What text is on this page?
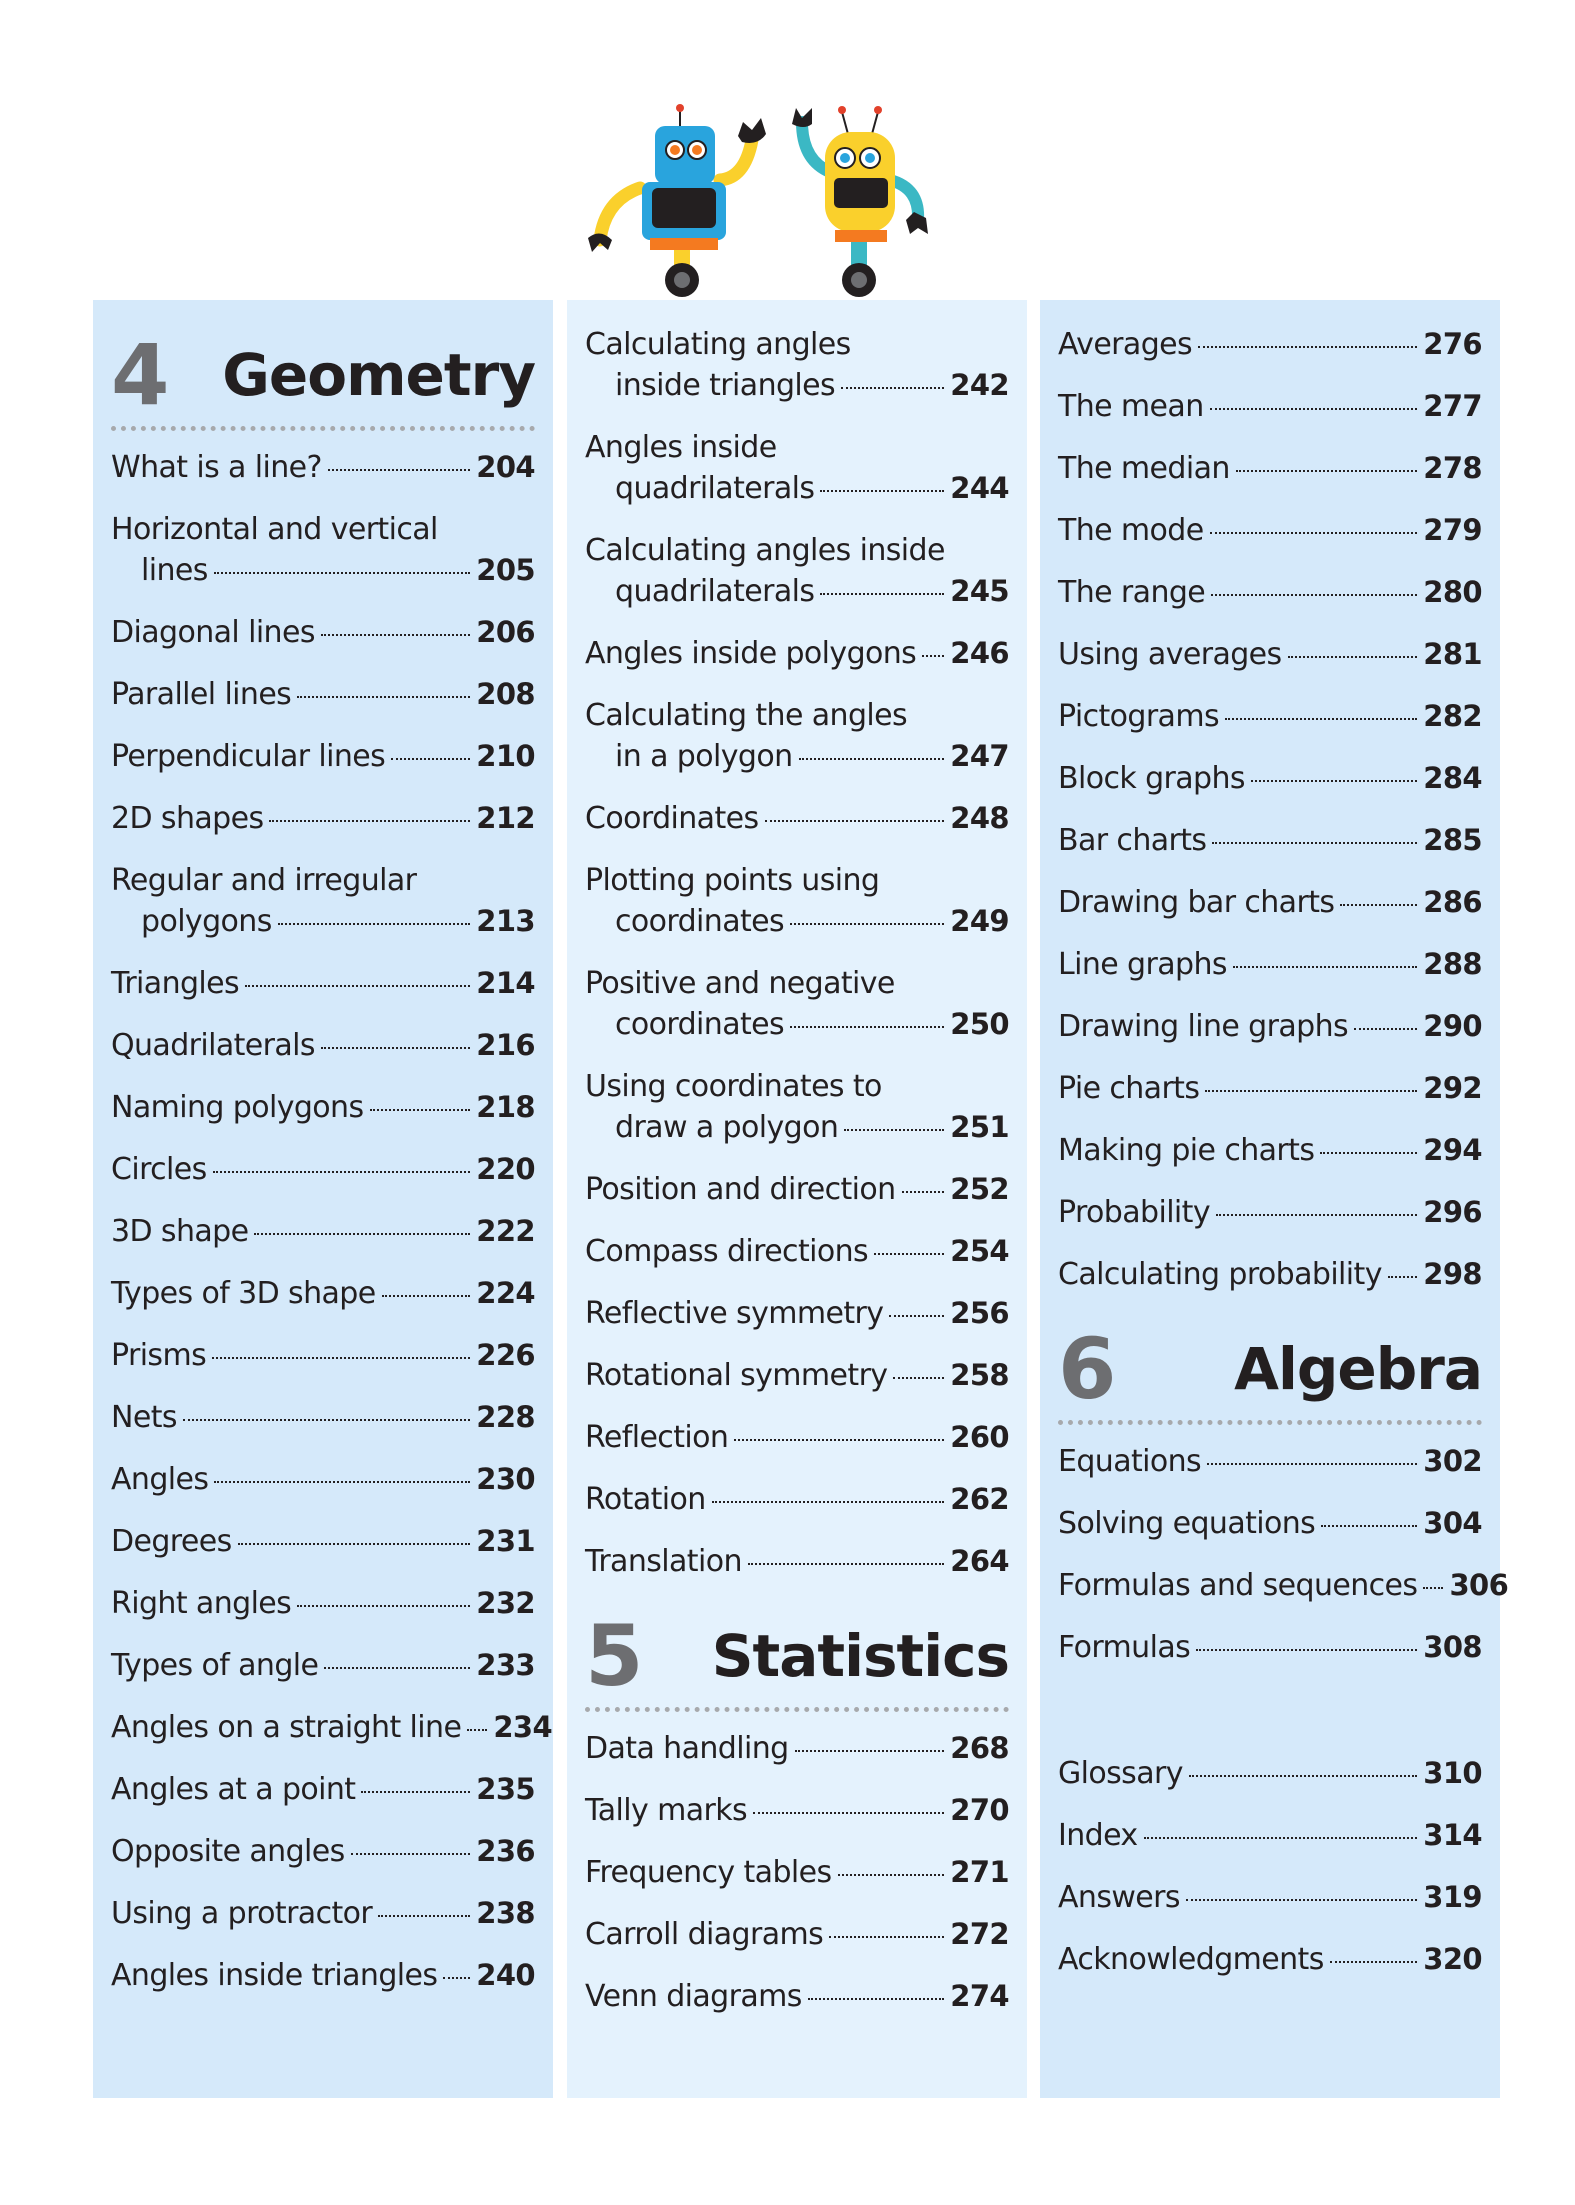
4 Geometry
What is a line?	204
Horizontal and vertical
lines	205
Diagonal lines	206
Parallel lines	208
Perpendicular lines	210
2D shapes	212
Regular and irregular
polygons	213
Triangles	214
Quadrilaterals	216
Naming polygons	218
Circles	220
3D shape	222
Types of 3D shape	224
Prisms	226
Nets	228
Angles	230
Degrees	231
Right angles	232
Types of angle	233
Angles on a straight line 234
Angles at a point	235
Opposite angles	236
Using a protractor	238
Angles inside triangles 240
Calculating angles
inside triangles	242
Angles inside
quadrilaterals	244
Calculating angles inside
quadrilaterals	245
Angles inside polygons 246
Calculating the angles
in a polygon	247
Coordinates	248
Plotting points using
coordinates	249
Positive and negative
coordinates	250
Using coordinates to
draw a polygon	251
Position and direction 252
Compass directions	254
Reflective symmetry 256
Rotational symmetry 258
Reflection	260
Rotation	262
Translation	264
5 Statistics
Data handling	268
Tally marks	270
Frequency tables	271
Carroll diagrams	272
Venn diagrams	274
Averages	276
The mean	277
The median	278
The mode	279
The range	280
Using averages	281
Pictograms	282
Block graphs	284
Bar charts	285
Drawing bar charts	286
Line graphs	288
Drawing line graphs	290
Pie charts	292
Making pie charts	294
Probability	296
Calculating probability 298
6 Algebra
Equations	302
Solving equations	304
Formulas and sequences 306
Formulas	308
Glossary	310
Index	314
Answers	319
Acknowledgments	320
